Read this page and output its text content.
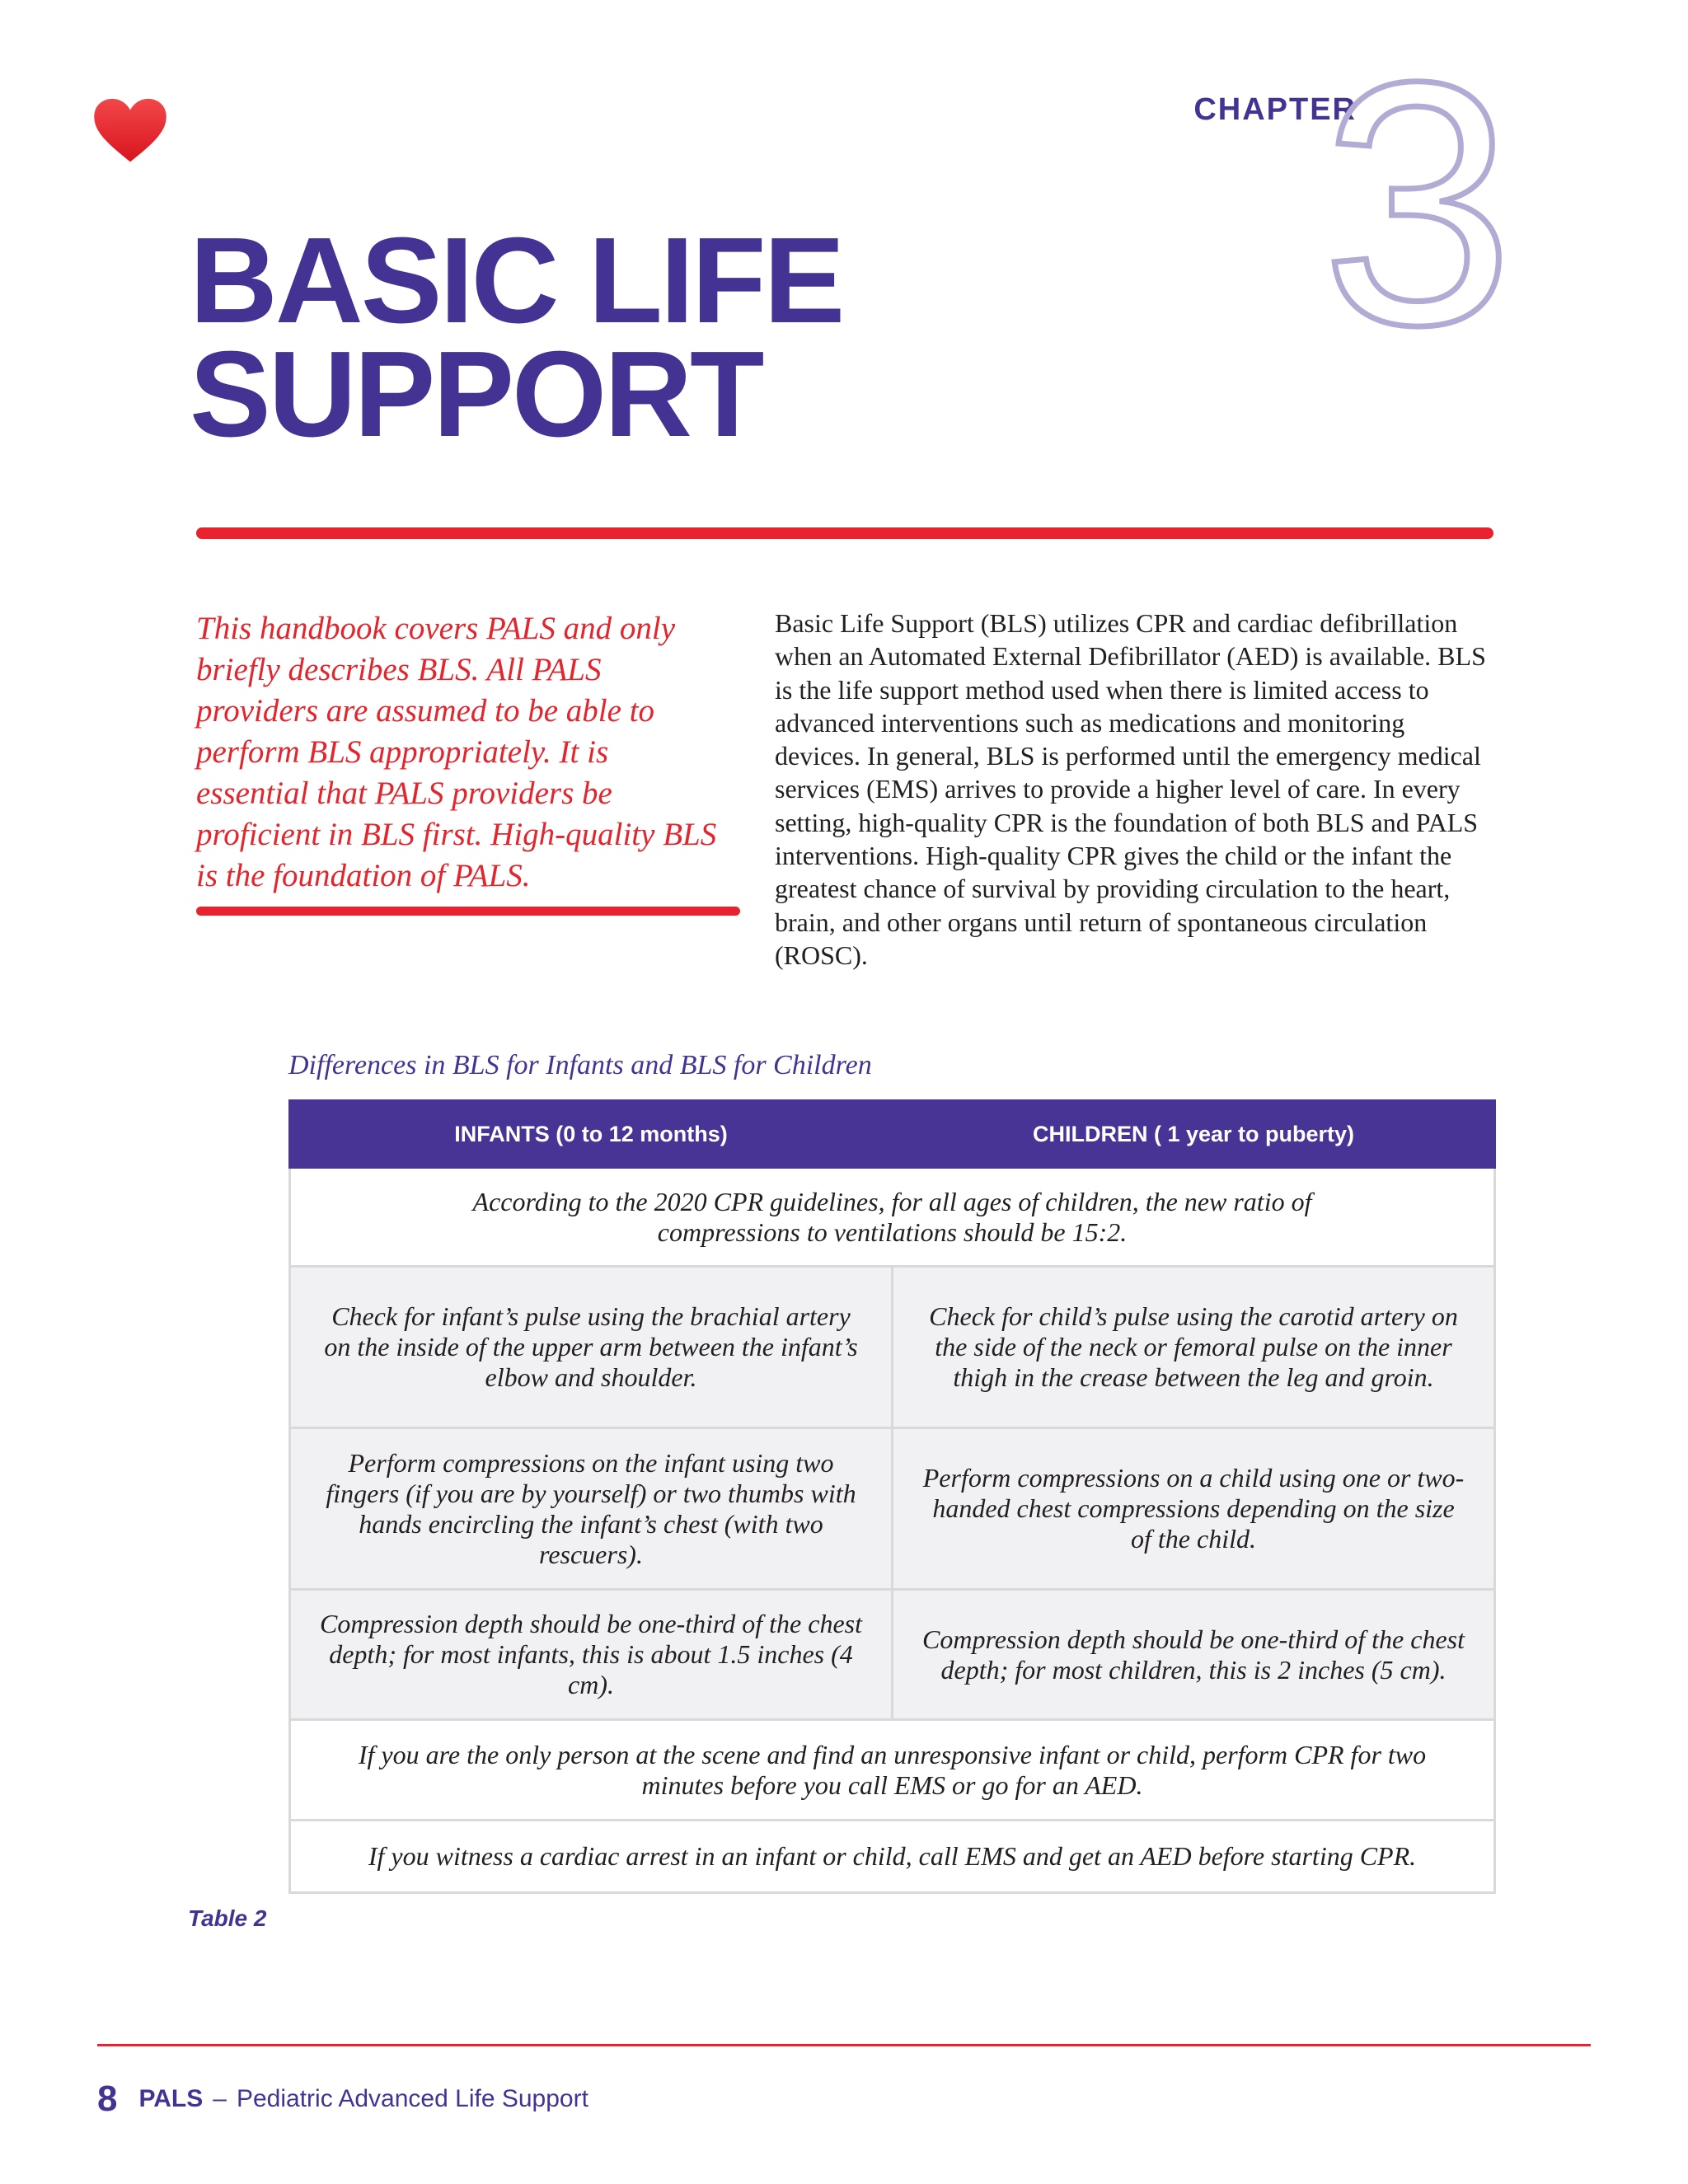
CHAPTER
3
BASIC LIFE
SUPPORT

This handbook covers PALS and only briefly describes BLS. All PALS providers are assumed to be able to perform BLS appropriately. It is essential that PALS providers be proficient in BLS first. High-quality BLS is the foundation of PALS.

Basic Life Support (BLS) utilizes CPR and cardiac defibrillation when an Automated External Defibrillator (AED) is available. BLS is the life support method used when there is limited access to advanced interventions such as medications and monitoring devices. In general, BLS is performed until the emergency medical services (EMS) arrives to provide a higher level of care. In every setting, high-quality CPR is the foundation of both BLS and PALS interventions. High-quality CPR gives the child or the infant the greatest chance of survival by providing circulation to the heart, brain, and other organs until return of spontaneous circulation (ROSC).

Differences in BLS for Infants and BLS for Children

INFANTS (0 to 12 months)	CHILDREN ( 1 year to puberty)
According to the 2020 CPR guidelines, for all ages of children, the new ratio of compressions to ventilations should be 15:2.	
Check for infant’s pulse using the brachial artery on the inside of the upper arm between the infant’s elbow and shoulder.	Check for child’s pulse using the carotid artery on the side of the neck or femoral pulse on the inner thigh in the crease between the leg and groin.
Perform compressions on the infant using two fingers (if you are by yourself) or two thumbs with hands encircling the infant’s chest (with two rescuers).	Perform compressions on a child using one or two-handed chest compressions depending on the size of the child.
Compression depth should be one-third of the chest depth; for most infants, this is about 1.5 inches (4 cm).	Compression depth should be one-third of the chest depth; for most children, this is 2 inches (5 cm).
If you are the only person at the scene and find an unresponsive infant or child, perform CPR for two minutes before you call EMS or go for an AED.	
If you witness a cardiac arrest in an infant or child, call EMS and get an AED before starting CPR.	

Table 2

8 PALS – Pediatric Advanced Life Support
